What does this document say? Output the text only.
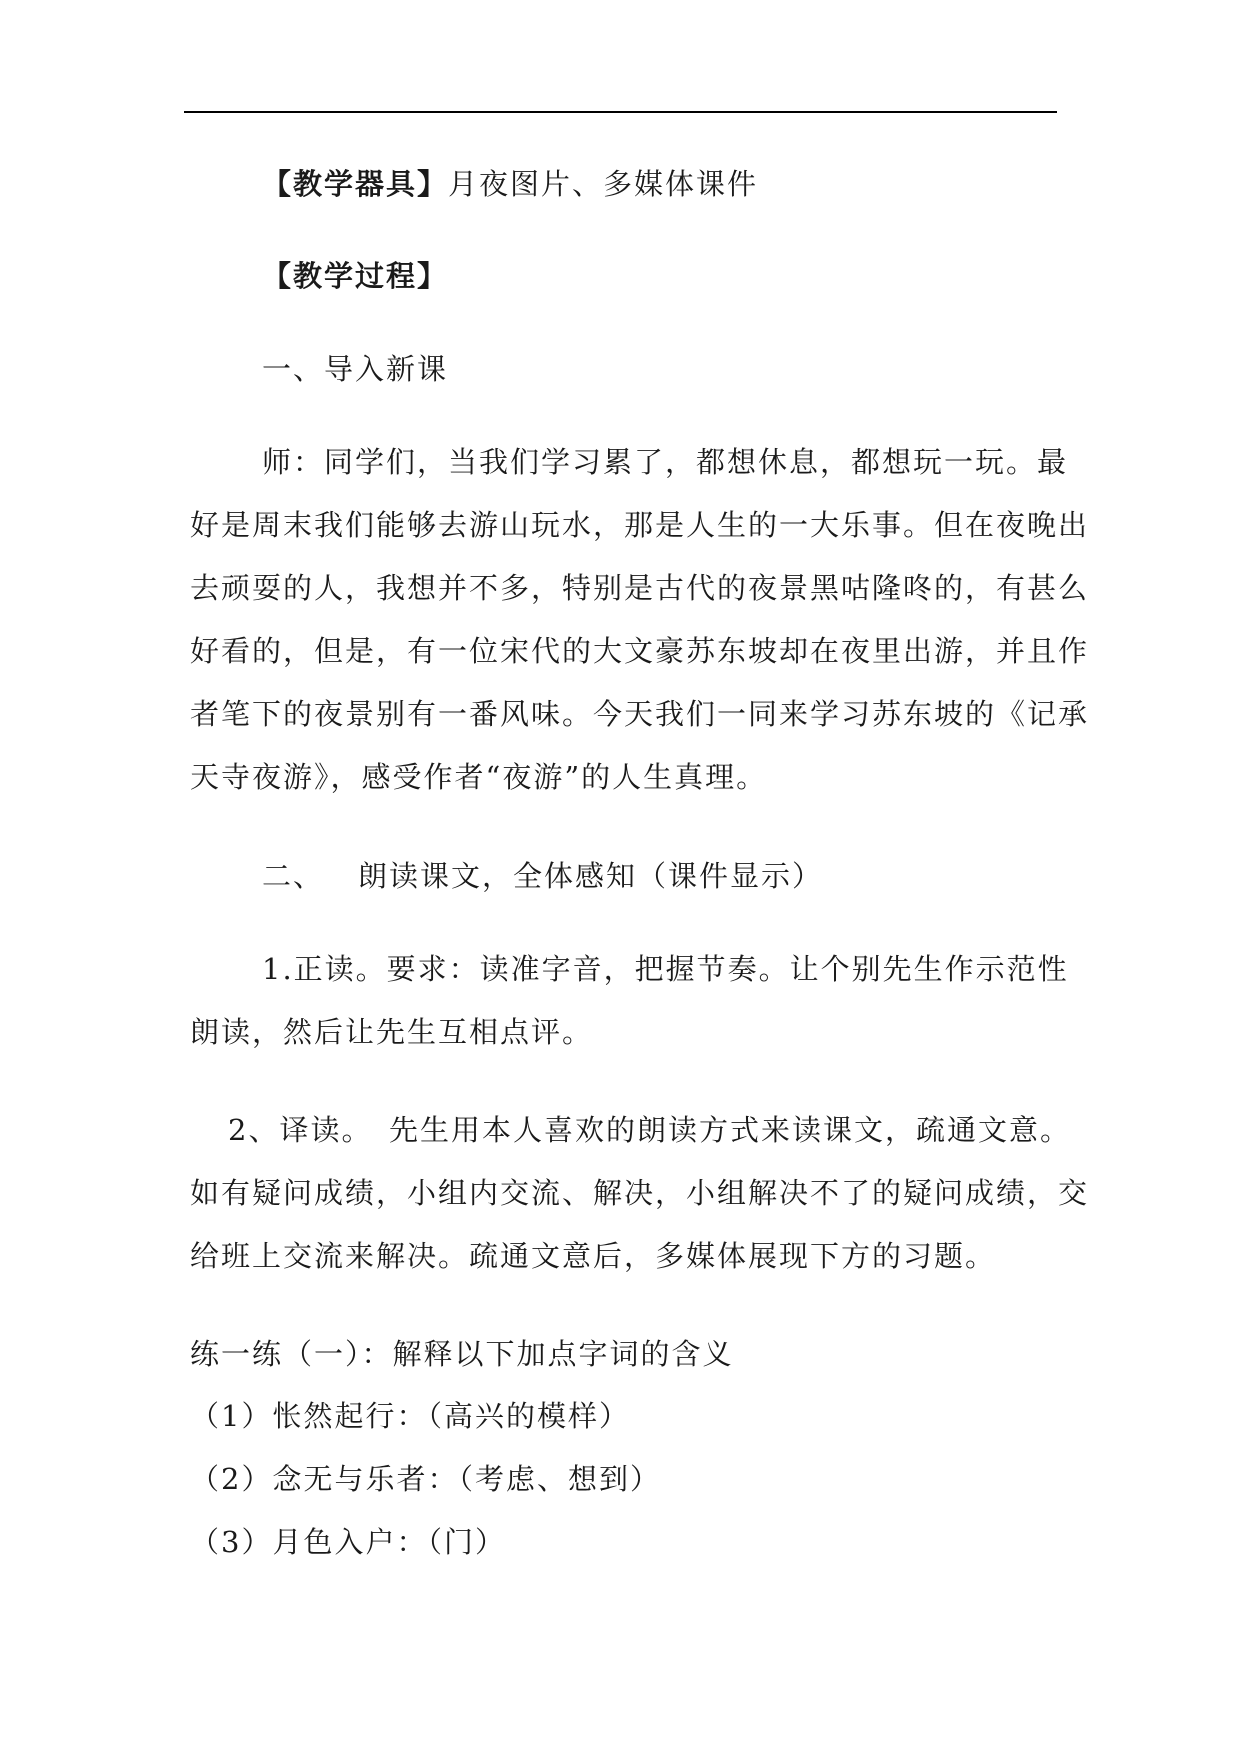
【教学器具】月夜图片、多媒体课件
【教学过程】
一、导入新课
师：同学们，当我们学习累了，都想休息，都想玩一玩。最
好是周末我们能够去游山玩水，那是人生的一大乐事。但在夜晚出
去顽耍的人，我想并不多，特别是古代的夜景黑咕隆咚的，有甚么
好看的，但是，有一位宋代的大文豪苏东坡却在夜里出游，并且作
者笔下的夜景别有一番风味。今天我们一同来学习苏东坡的《记承
天寺夜游》，感受作者“夜游”的人生真理。
二、 朗读课文，全体感知（课件显示）
1.正读。要求：读准字音，把握节奏。让个别先生作示范性
朗读，然后让先生互相点评。
2、译读。　先生用本人喜欢的朗读方式来读课文，疏通文意。
如有疑问成绩，小组内交流、解决，小组解决不了的疑问成绩，交
给班上交流来解决。疏通文意后，多媒体展现下方的习题。
练一练（一）：解释以下加点字词的含义
（1）怅然起行：（高兴的模样）
（2）念无与乐者：（考虑、想到）
（3）月色入户：（门）
